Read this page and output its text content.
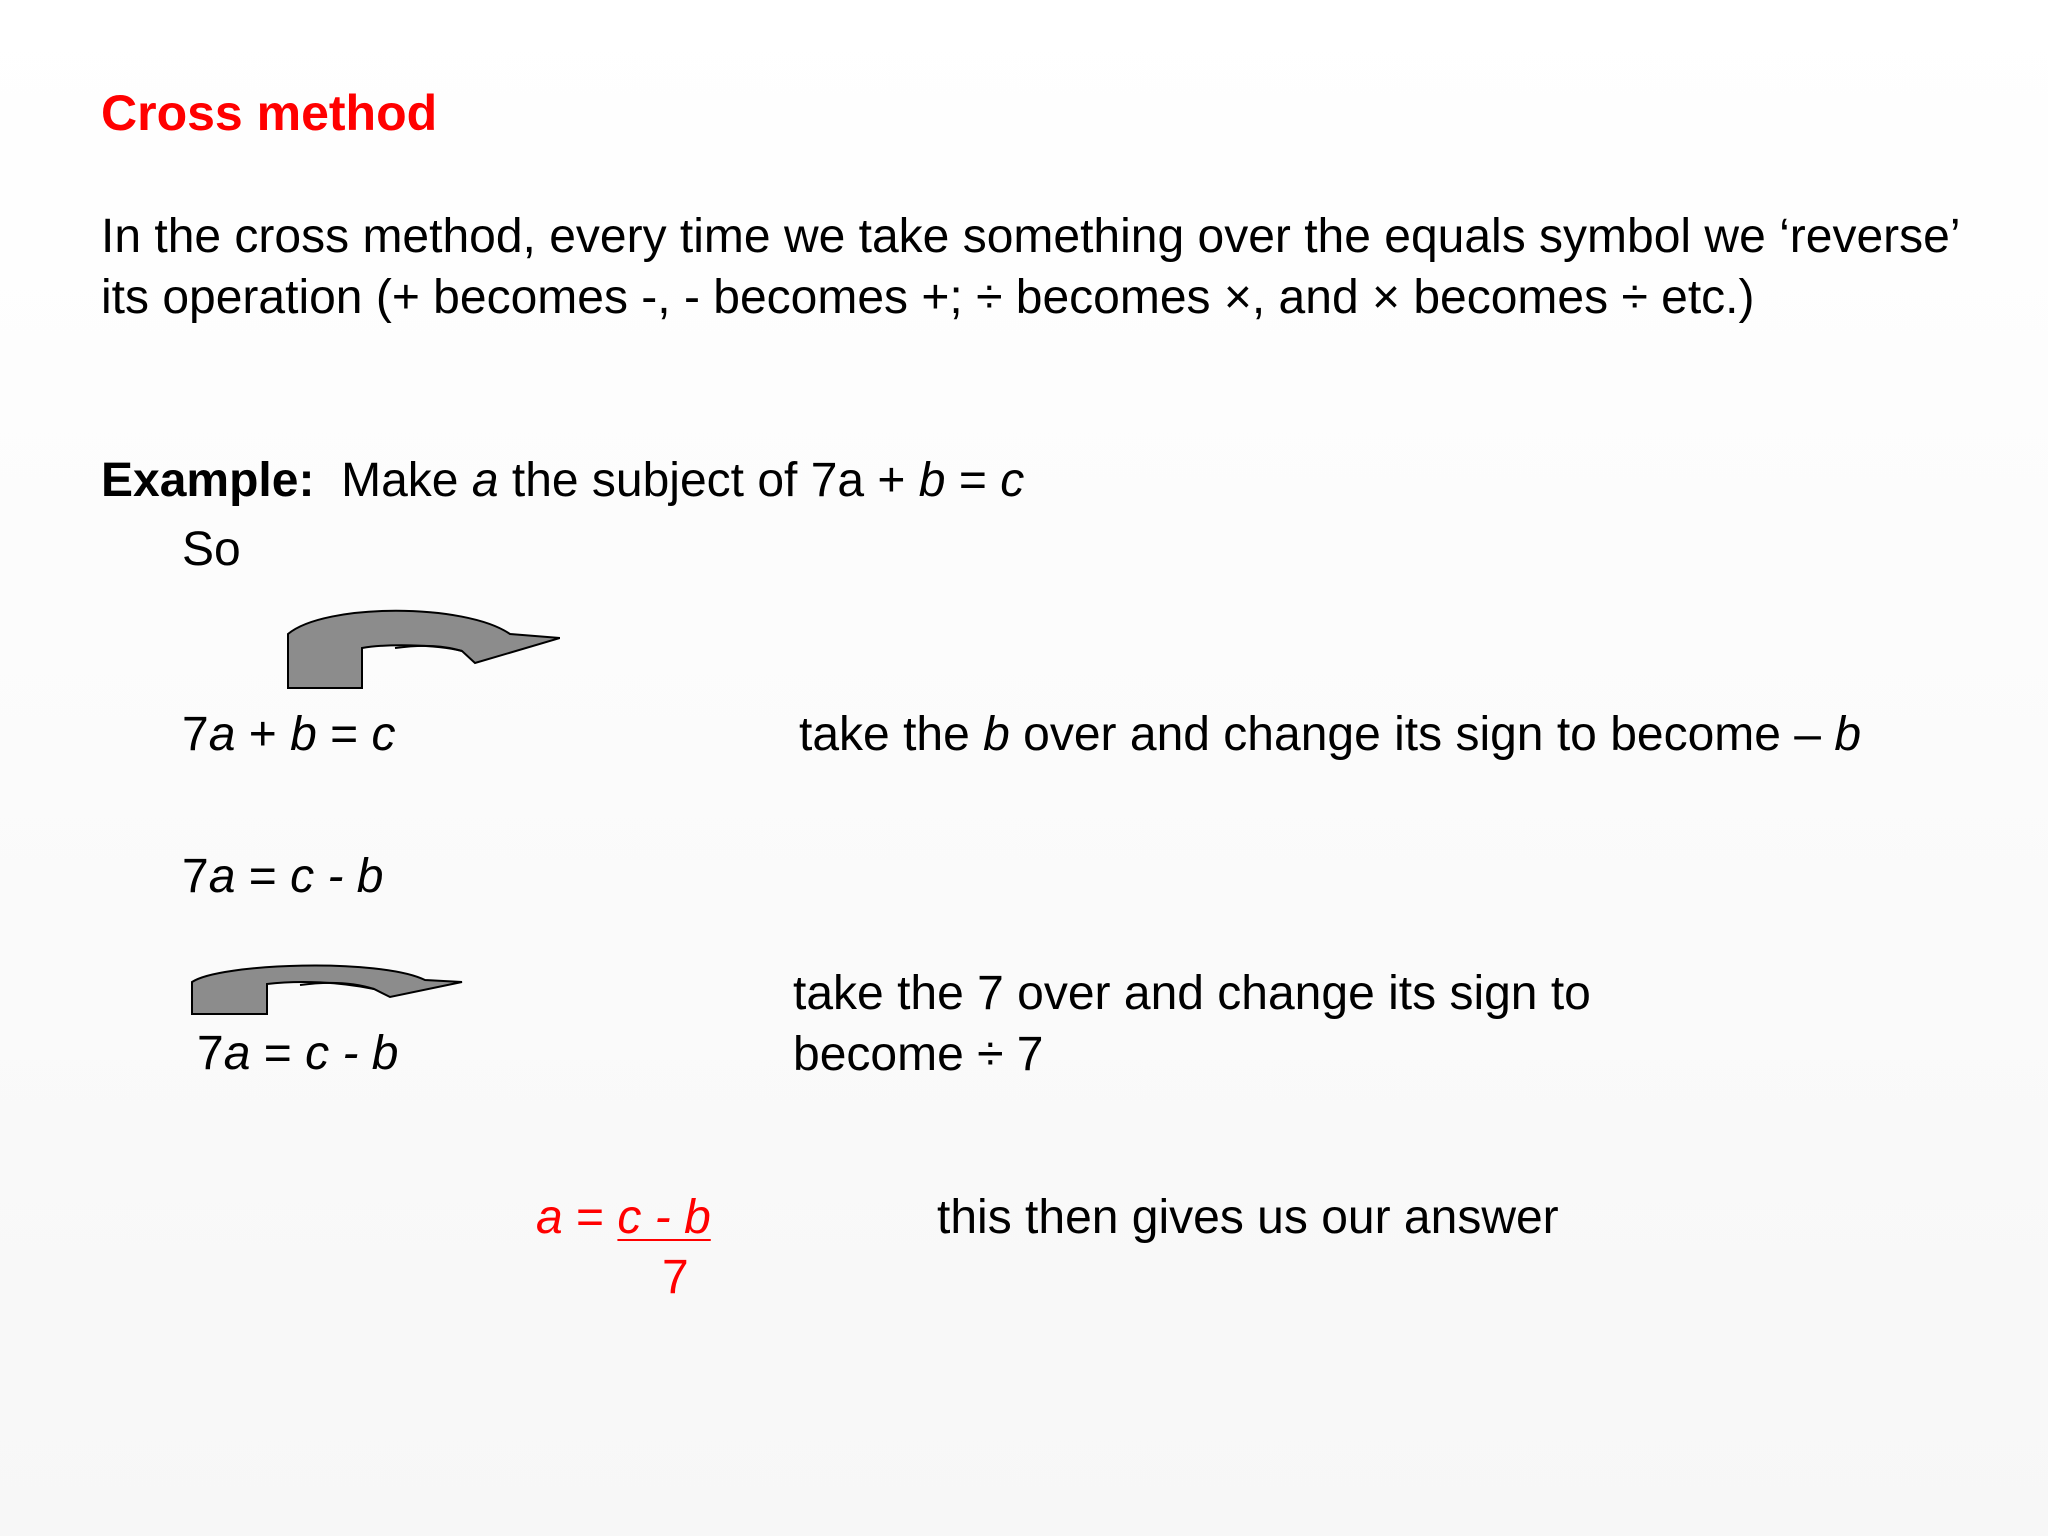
Cross method
In the cross method, every time we take something over the equals symbol we ‘reverse’ its operation (+ becomes -, - becomes +; ÷ becomes ×, and × becomes ÷ etc.)
Example: Make a the subject of 7a + b = c
So
7a + b = c	take the b over and change its sign to become – b
7a = c - b
take the 7 over and change its sign to
become ÷ 7
7a = c - b
a = c - b
7
this then gives us our answer
